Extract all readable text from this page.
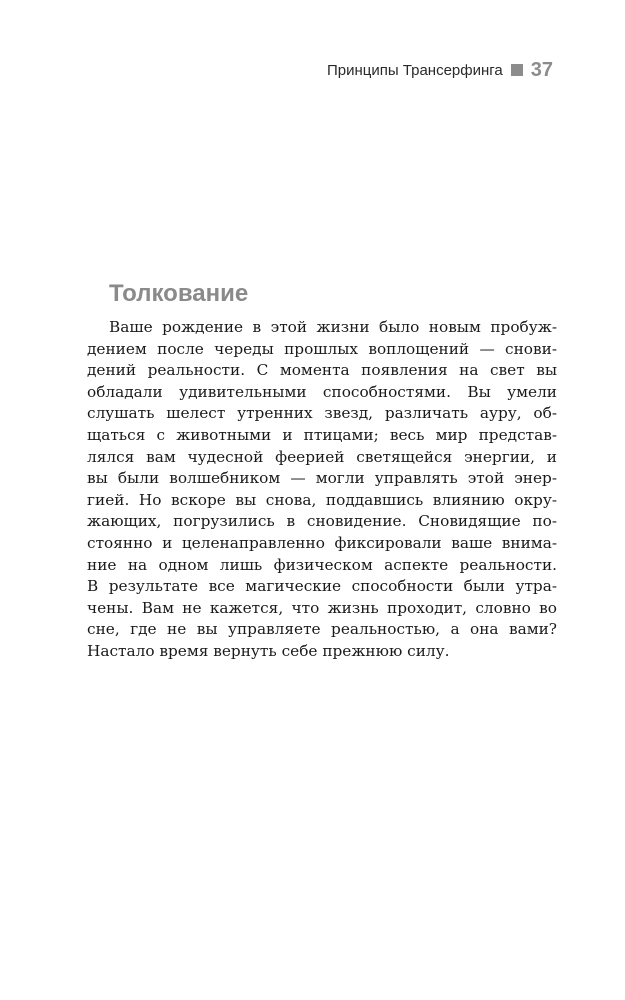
Принципы Трансерфинга 37
Толкование
Ваше рождение в этой жизни было новым пробуж-
дением после череды прошлых воплощений — снови-
дений реальности. С момента появления на свет вы
обладали удивительными способностями. Вы умели
слушать шелест утренних звезд, различать ауру, об-
щаться с животными и птицами; весь мир представ-
лялся вам чудесной феерией светящейся энергии, и
вы были волшебником — могли управлять этой энер-
гией. Но вскоре вы снова, поддавшись влиянию окру-
жающих, погрузились в сновидение. Сновидящие по-
стоянно и целенаправленно фиксировали ваше внима-
ние на одном лишь физическом аспекте реальности.
В результате все магические способности были утра-
чены. Вам не кажется, что жизнь проходит, словно во
сне, где не вы управляете реальностью, а она вами?
Настало время вернуть себе прежнюю силу.
